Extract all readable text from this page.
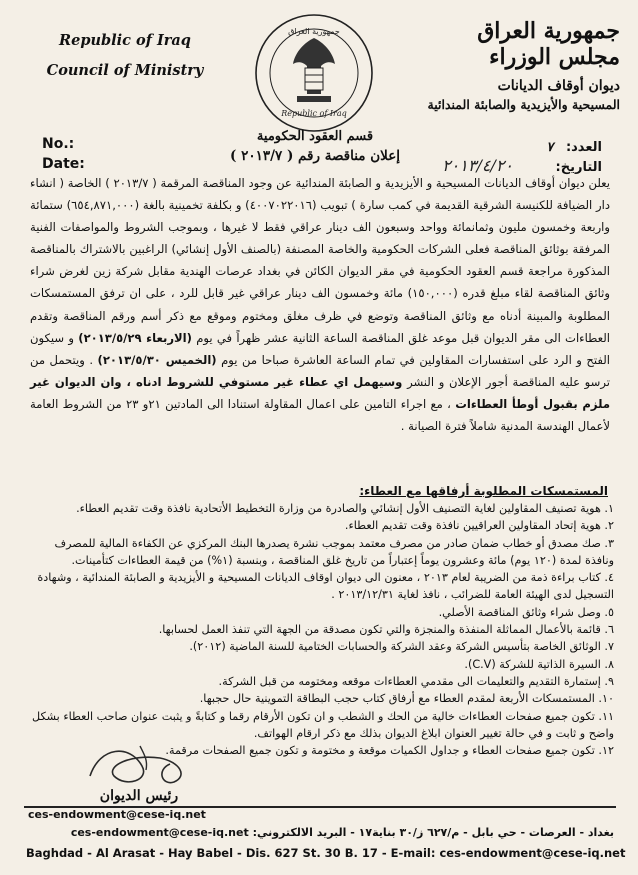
Republic of Iraq
Council of Ministry
جمهورية العراق
Republic of Iraq
جمهورية العراق
مجلس الوزراء
ديوان أوقاف الديانات
المسيحية والأيزيدية والصابئة المندائية
قسم العقود الحكومية
إعلان مناقصة رقم ( ٢٠١٣/٧ )
No.:
Date:
العدد: ٧
التاريخ:
٢٠١٣/٤/٢٠
يعلن ديوان أوقاف الديانات المسيحية و الأيزيدية و الصابئة المندائية عن وجود المناقصة المرقمة ( ٢٠١٣/٧ ) الخاصة ( انشاء دار الضيافة للكنيسة الشرقية القديمة في كمب سارة ) تبويب (٤٠٠٧٠٢٢٠١٦) و بكلفة تخمينية بالغة (٦٥٤,٨٧١,٠٠٠) ستمائة واربعة وخمسون مليون وثمانمائة وواحد وسبعون الف دينار عراقي فقط لا غيرها ، وبموجب الشروط والمواصفات الفنية المرفقة بوثائق المناقصة فعلى الشركات الحكومية والخاصة المصنفة (بالصنف الأول إنشائي) الراغبين بالاشتراك بالمناقصة المذكورة مراجعة قسم العقود الحكومية في مقر الديوان الكائن في بغداد عرصات الهندية مقابل شركة زين لغرض شراء وثائق المناقصة لقاء مبلغ قدره (١٥٠,٠٠٠) مائة وخمسون الف دينار عراقي غير قابل للرد ، على ان ترفق المستمسكات المطلوبة والمبينة أدناه مع وثائق المناقصة وتوضع في ظرف مغلق ومختوم وموقع مع ذكر أسم ورقم المناقصة وتقدم العطاءات الى مقر الديوان قبل موعد غلق المناقصة الساعة الثانية عشر ظهراً في يوم (الاربعاء ٢٠١٣/٥/٢٩) و سيكون الفتح و الرد على استفسارات المقاولين في تمام الساعة العاشرة صباحا من يوم (الخميس ٢٠١٣/٥/٣٠) . ويتحمل من ترسو عليه المناقصة أجور الإعلان و النشر وسيهمل اي عطاء غير مستوفي للشروط ادناه ، وان الديوان غير ملزم بقبول أوطأ العطاءات ، مع اجراء التامين على اعمال المقاولة استنادا الى المادتين ٢١و ٢٣ من الشروط العامة لأعمال الهندسة المدنية شاملاً فترة الصيانة .
المستمسكات المطلوبة أرفاقها مع العطاء:
١. هوية تصنيف المقاولين لغاية التصنيف الأول إنشائي والصادرة من وزارة التخطيط الأتحادية نافذة وقت تقديم العطاء.
٢. هوية إتحاد المقاولين العراقيين نافذة وقت تقديم العطاء.
٣. صك مصدق أو خطاب ضمان صادر من مصرف معتمد بموجب نشرة يصدرها البنك المركزي عن الكفاءة المالية للمصرف ونافذة لمدة (١٢٠ يوم) مائة وعشرون يوماً إعتباراً من تاريخ غلق المناقصة ، وبنسبة (١%) من قيمة العطاءات كتأمينات.
٤. كتاب براءة ذمة من الضريبة لعام ٢٠١٣ ، معنون الى ديوان اوقاف الديانات المسيحية و الأيزيدية و الصابئة المندائية ، وشهادة التسجيل لدى الهيئة العامة للضرائب ، نافذ لغاية ٢٠١٣/١٢/٣١ .
٥. وصل شراء وثائق المناقصة الأصلي.
٦. قائمة بالأعمال المماثلة المنفذة والمنجزة والتي تكون مصدقة من الجهة التي تنفذ العمل لحسابها.
٧. الوثائق الخاصة بتأسيس الشركة وعقد الشركة والحسابات الختامية للسنة الماضية (٢٠١٢).
٨. السيرة الذاتية للشركة (C.V).
٩. إستمارة التقديم والتعليمات الى مقدمي العطاءات موقعه ومختومه من قبل الشركة.
١٠. المستمسكات الأربعة لمقدم العطاء مع أرفاق كتاب حجب البطاقة التموينية حال حجبها.
١١. تكون جميع صفحات العطاءات خالية من الحك و الشطب و ان تكون الأرقام رقما و كتابةً و يثبت عنوان صاحب العطاء بشكل واضح و ثابت و في حالة تغيير العنوان ابلاغ الديوان بذلك مع ذكر ارقام الهواتف.
١٢. تكون جميع صفحات العطاء و جداول الكميات موقعة و مختومة و تكون جميع الصفحات مرقمة.
رئيس الديوان
ces-endowment@cese-iq.net
بغداد - العرصات - حي بابل - م/٦٢٧ ز/٣٠ بناية١٧ - البريد الالكتروني: ces-endowment@cese-iq.net
Baghdad - Al Arasat - Hay Babel - Dis. 627 St. 30 B. 17 - E-mail: ces-endowment@cese-iq.net
